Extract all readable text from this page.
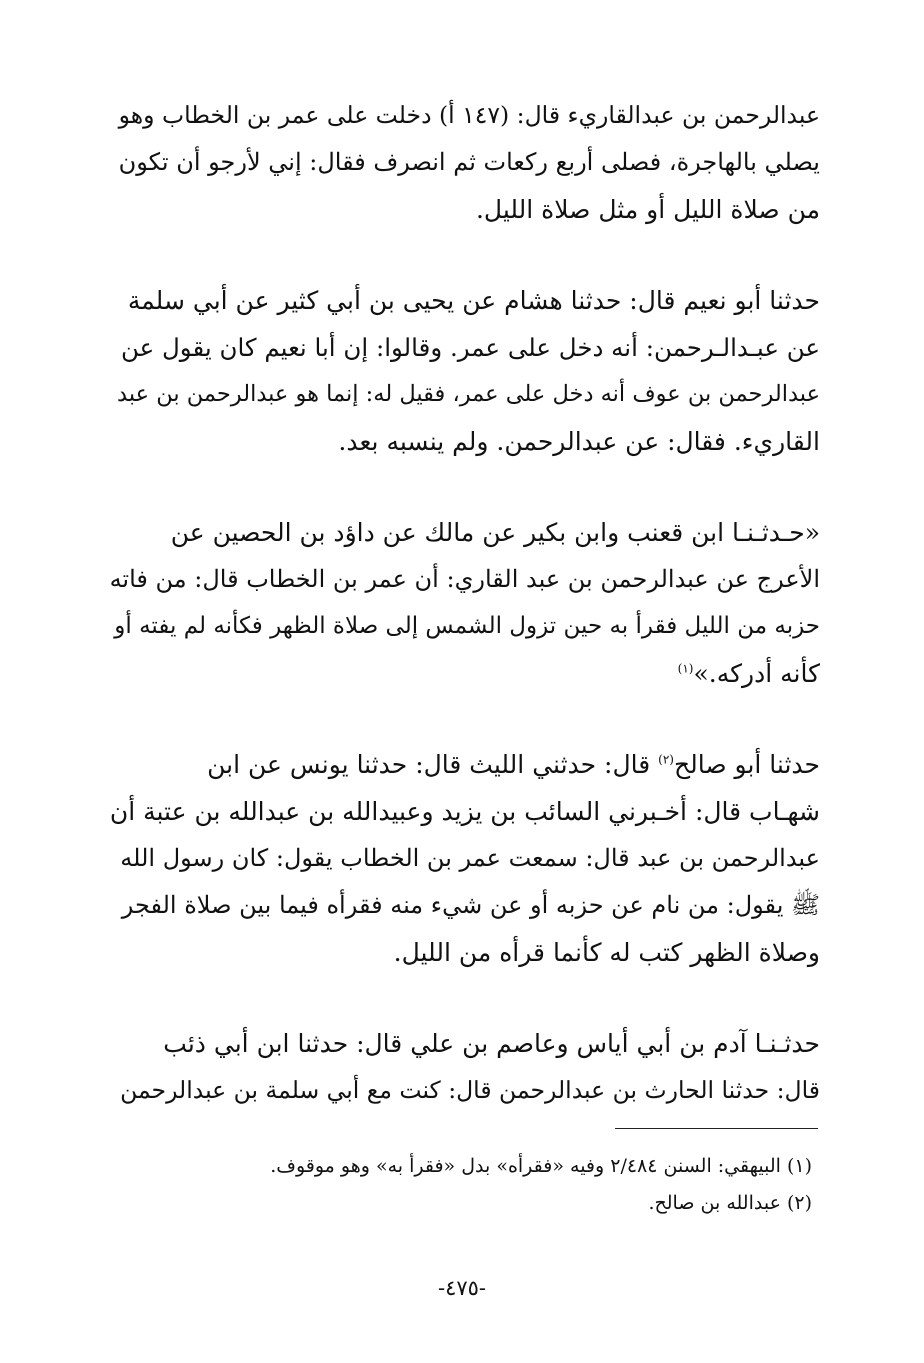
عبدالرحمن بن عبدالقاريء قال: (١٤٧ أ) دخلت على عمر بن الخطاب وهو
يصلي بالهاجرة، فصلى أربع ركعات ثم انصرف فقال: إني لأرجو أن تكون
من صلاة الليل أو مثل صلاة الليل.

حدثنا أبو نعيم قال: حدثنا هشام عن يحيى بن أبي كثير عن أبي سلمة
عن عبـدالـرحمن: أنه دخل على عمر. وقالوا: إن أبا نعيم كان يقول عن
عبدالرحمن بن عوف أنه دخل على عمر، فقيل له: إنما هو عبدالرحمن بن عبد
القاريء. فقال: عن عبدالرحمن. ولم ينسبه بعد.

«حـدثـنـا ابن قعنب وابن بكير عن مالك عن داؤد بن الحصين عن
الأعرج عن عبدالرحمن بن عبد القاري: أن عمر بن الخطاب قال: من فاته
حزبه من الليل فقرأ به حين تزول الشمس إلى صلاة الظهر فكأنه لم يفته أو
كأنه أدركه.»$^{(١)}$

حدثنا أبو صالح$^{(٢)}$ قال: حدثني الليث قال: حدثنا يونس عن ابن
شهـاب قال: أخـبرني السائب بن يزيد وعبيدالله بن عبدالله بن عتبة أن
عبدالرحمن بن عبد قال: سمعت عمر بن الخطاب يقول: كان رسول الله
ﷺ يقول: من نام عن حزبه أو عن شيء منه فقرأه فيما بين صلاة الفجر
وصلاة الظهر كتب له كأنما قرأه من الليل.

حدثـنـا آدم بن أبي أياس وعاصم بن علي قال: حدثنا ابن أبي ذئب
قال: حدثنا الحارث بن عبدالرحمن قال: كنت مع أبي سلمة بن عبدالرحمن

(١) البيهقي: السنن ٢/٤٨٤ وفيه «فقرأه» بدل «فقرأ به» وهو موقوف.
(٢) عبدالله بن صالح.
-٤٧٥-
